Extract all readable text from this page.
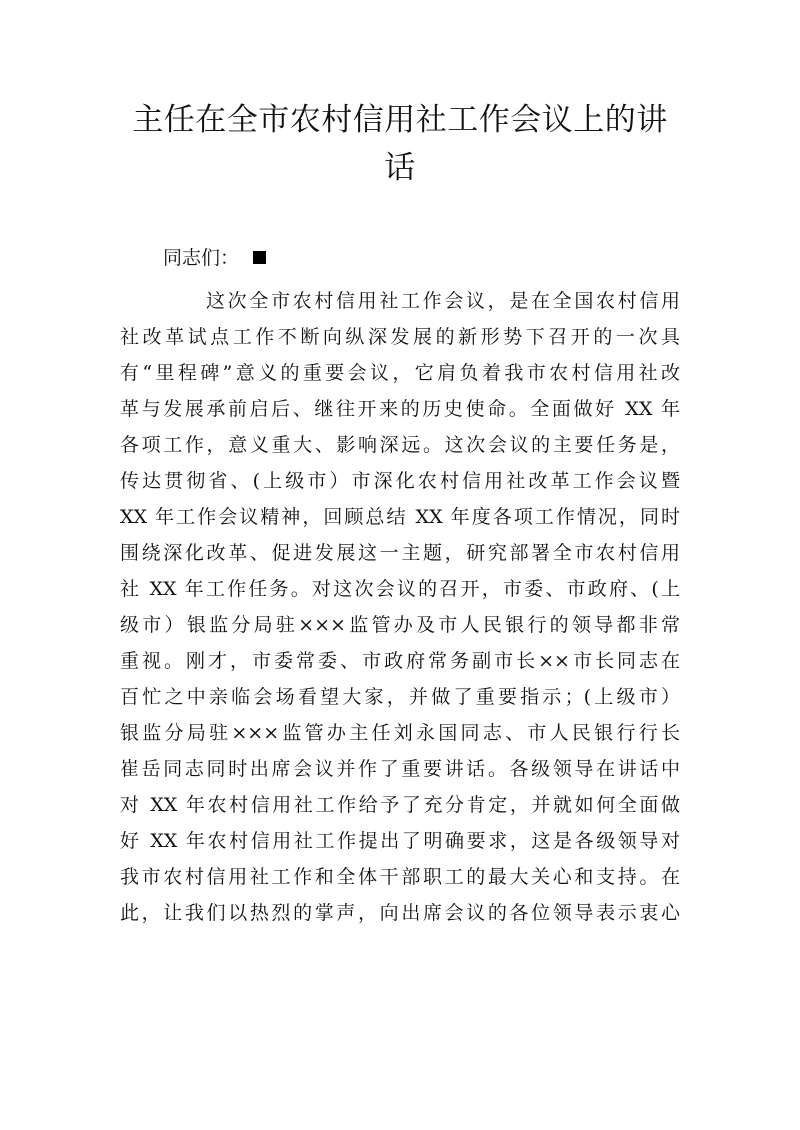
主任在全市农村信用社工作会议上的讲
话
同志们：
这次全市农村信用社工作会议，是在全国农村信用
社改革试点工作不断向纵深发展的新形势下召开的一次具
有“里程碑”意义的重要会议，它肩负着我市农村信用社改
革与发展承前启后、继往开来的历史使命。全面做好 XX 年
各项工作，意义重大、影响深远。这次会议的主要任务是，
传达贯彻省、(上级市）市深化农村信用社改革工作会议暨
XX 年工作会议精神，回顾总结 XX 年度各项工作情况，同时
围绕深化改革、促进发展这一主题，研究部署全市农村信用
社 XX 年工作任务。对这次会议的召开，市委、市政府、(上
级市）银监分局驻×××监管办及市人民银行的领导都非常
重视。刚才，市委常委、市政府常务副市长××市长同志在
百忙之中亲临会场看望大家，并做了重要指示；(上级市）
银监分局驻×××监管办主任刘永国同志、市人民银行行长
崔岳同志同时出席会议并作了重要讲话。各级领导在讲话中
对 XX 年农村信用社工作给予了充分肯定，并就如何全面做
好 XX 年农村信用社工作提出了明确要求，这是各级领导对
我市农村信用社工作和全体干部职工的最大关心和支持。在
此，让我们以热烈的掌声，向出席会议的各位领导表示衷心
